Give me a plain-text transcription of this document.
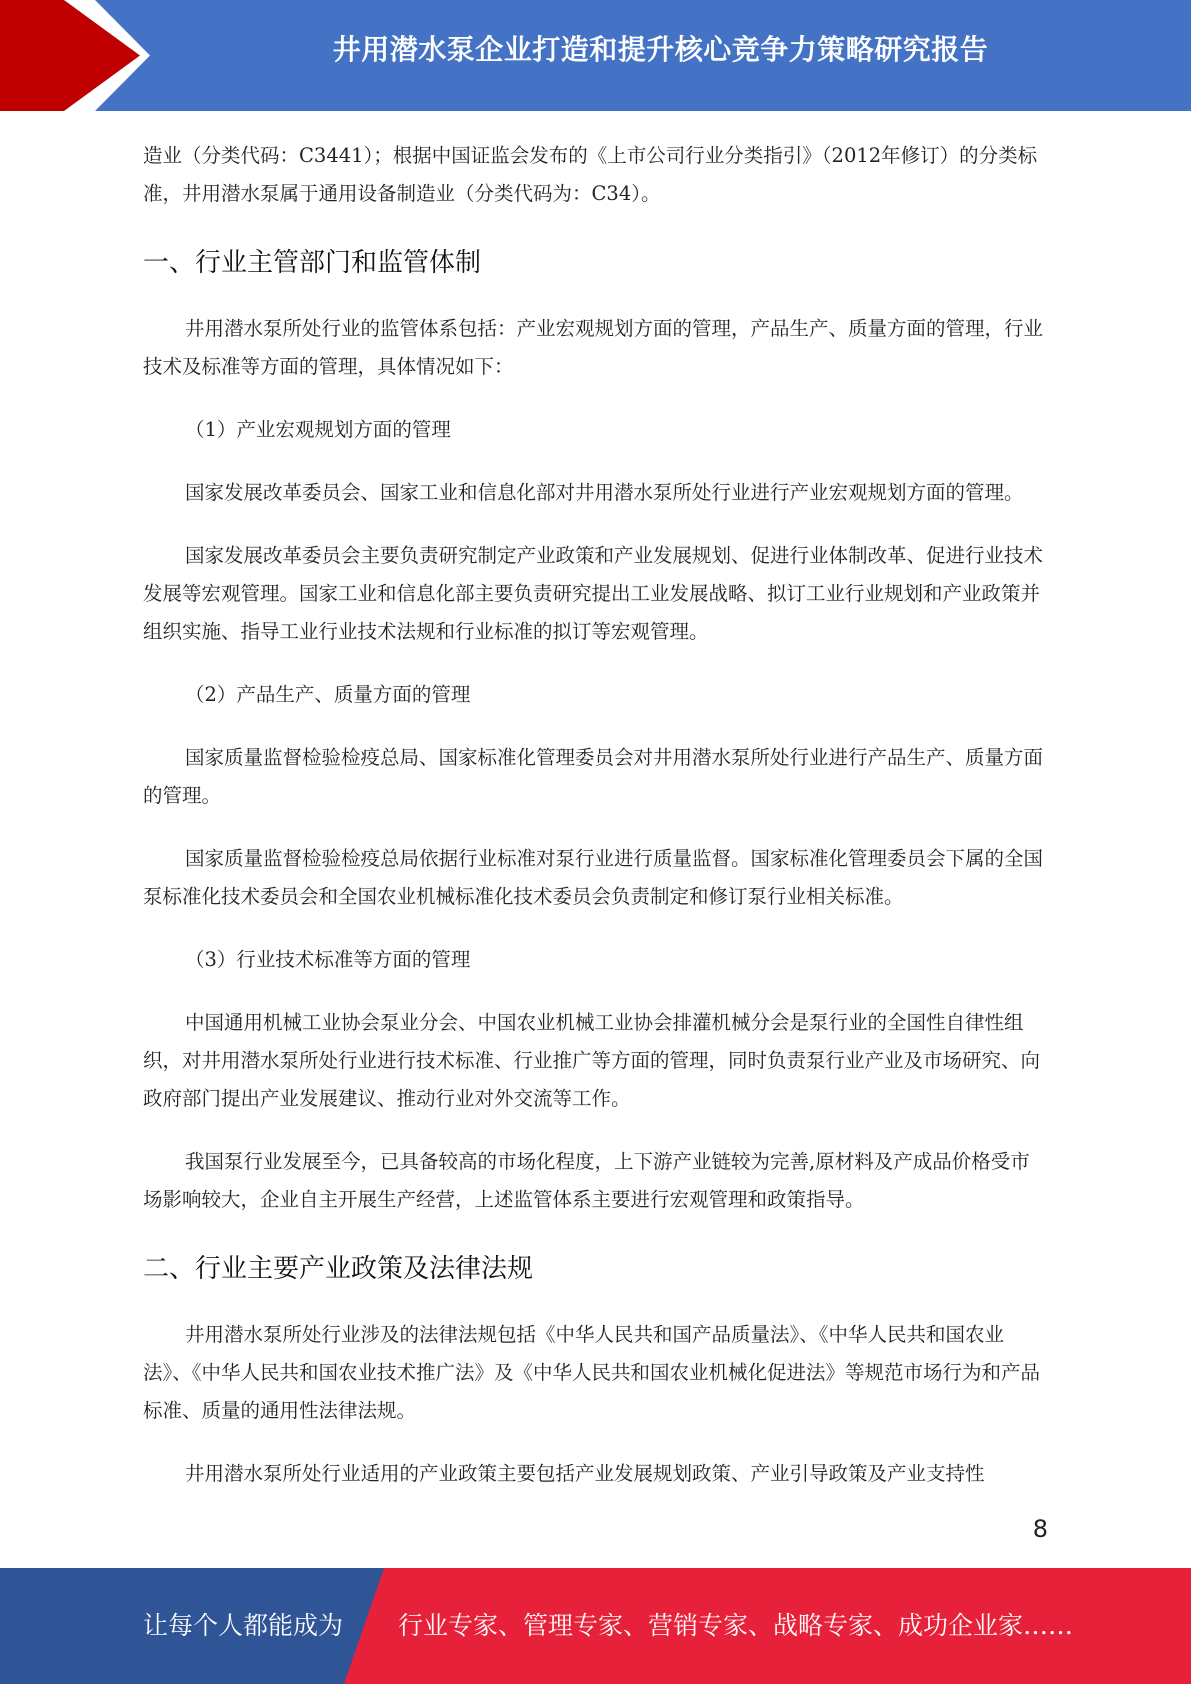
井用潜水泵企业打造和提升核心竞争力策略研究报告

造业（分类代码：C3441）；根据中国证监会发布的《上市公司行业分类指引》（2012年修订）的分类标准，井用潜水泵属于通用设备制造业（分类代码为：C34）。

一、行业主管部门和监管体制

井用潜水泵所处行业的监管体系包括：产业宏观规划方面的管理，产品生产、质量方面的管理，行业技术及标准等方面的管理，具体情况如下：

（1）产业宏观规划方面的管理

国家发展改革委员会、国家工业和信息化部对井用潜水泵所处行业进行产业宏观规划方面的管理。

国家发展改革委员会主要负责研究制定产业政策和产业发展规划、促进行业体制改革、促进行业技术发展等宏观管理。国家工业和信息化部主要负责研究提出工业发展战略、拟订工业行业规划和产业政策并组织实施、指导工业行业技术法规和行业标准的拟订等宏观管理。

（2）产品生产、质量方面的管理

国家质量监督检验检疫总局、国家标准化管理委员会对井用潜水泵所处行业进行产品生产、质量方面的管理。

国家质量监督检验检疫总局依据行业标准对泵行业进行质量监督。国家标准化管理委员会下属的全国泵标准化技术委员会和全国农业机械标准化技术委员会负责制定和修订泵行业相关标准。

（3）行业技术标准等方面的管理

中国通用机械工业协会泵业分会、中国农业机械工业协会排灌机械分会是泵行业的全国性自律性组织，对井用潜水泵所处行业进行技术标准、行业推广等方面的管理，同时负责泵行业产业及市场研究、向政府部门提出产业发展建议、推动行业对外交流等工作。

我国泵行业发展至今，已具备较高的市场化程度，上下游产业链较为完善,原材料及产成品价格受市场影响较大，企业自主开展生产经营，上述监管体系主要进行宏观管理和政策指导。

二、行业主要产业政策及法律法规

井用潜水泵所处行业涉及的法律法规包括《中华人民共和国产品质量法》、《中华人民共和国农业法》、《中华人民共和国农业技术推广法》及《中华人民共和国农业机械化促进法》等规范市场行为和产品标准、质量的通用性法律法规。

井用潜水泵所处行业适用的产业政策主要包括产业发展规划政策、产业引导政策及产业支持性

8
让每个人都能成为 行业专家、管理专家、营销专家、战略专家、成功企业家……
